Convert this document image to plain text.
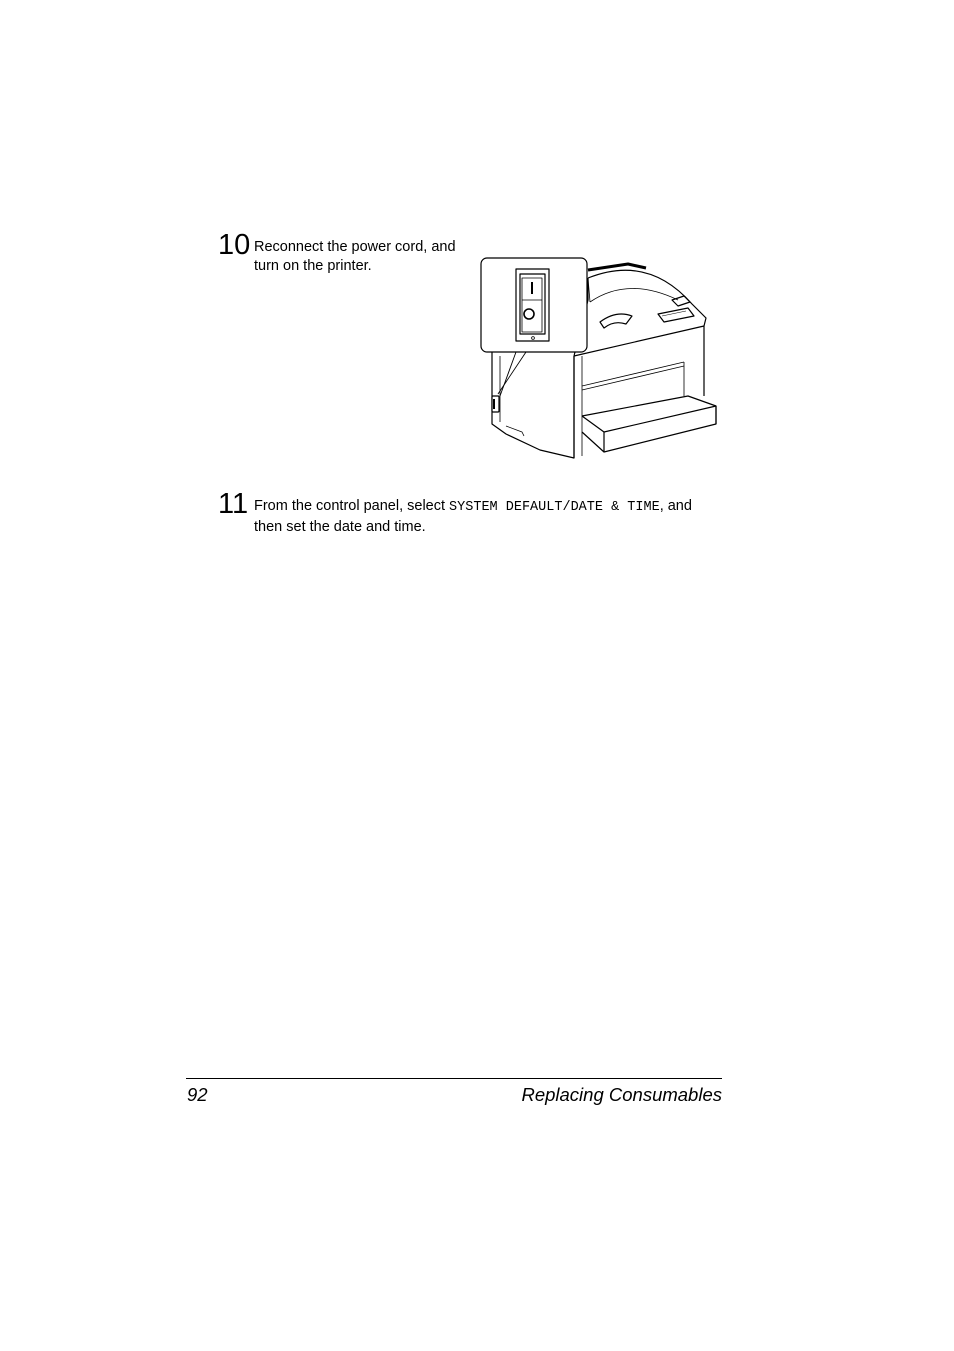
10 Reconnect the power cord, and turn on the printer.
11 From the control panel, select SYSTEM DEFAULT/DATE & TIME, and then set the date and time.
92	Replacing Consumables
